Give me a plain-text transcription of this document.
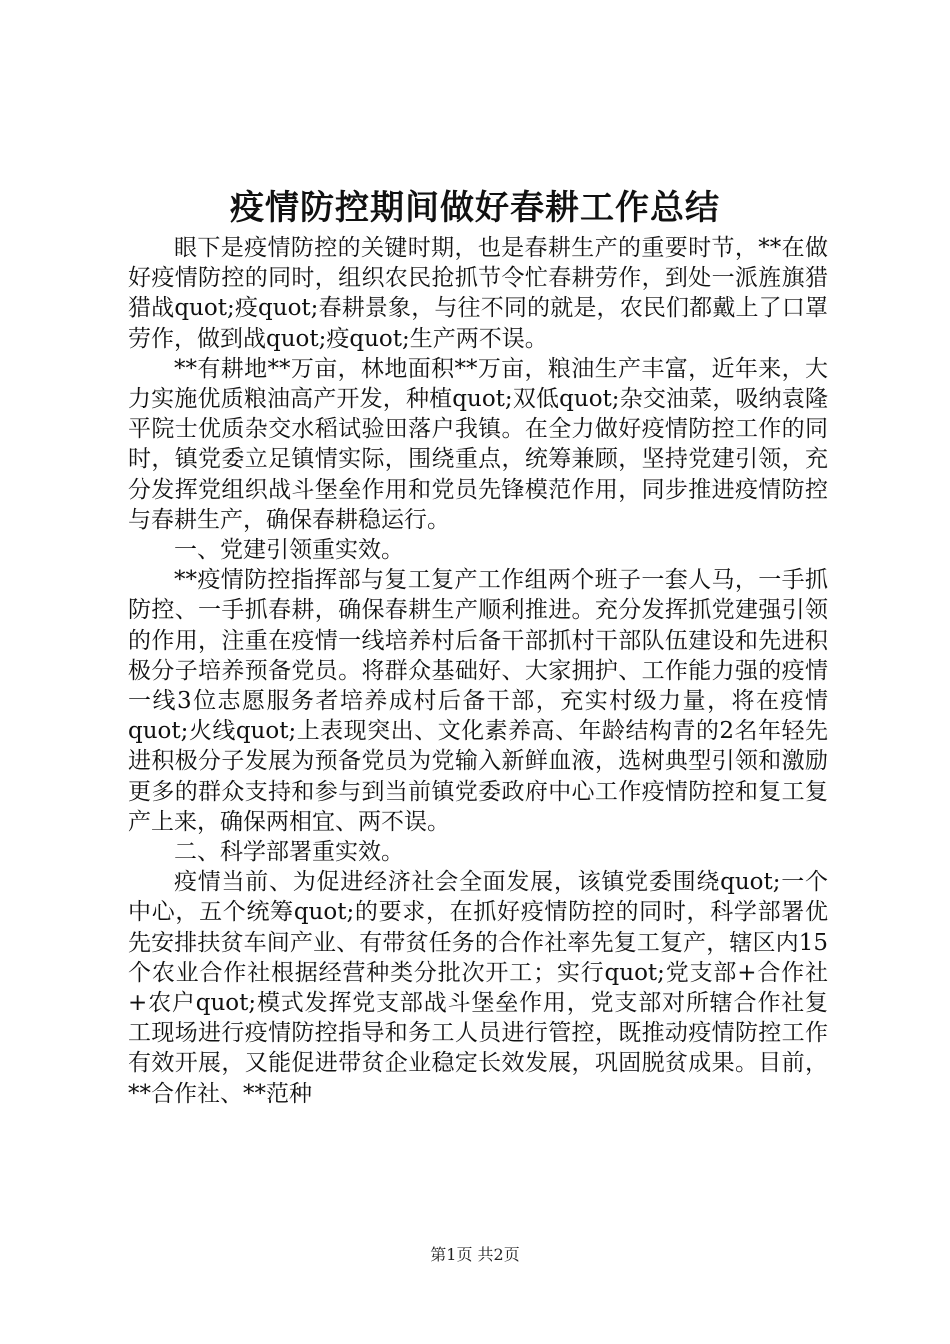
疫情防控期间做好春耕工作总结

眼下是疫情防控的关键时期，也是春耕生产的重要时节，**在做好疫情防控的同时，组织农民抢抓节令忙春耕劳作，到处一派旌旗猎猎战quot;疫quot;春耕景象，与往不同的就是，农民们都戴上了口罩劳作，做到战quot;疫quot;生产两不误。

**有耕地**万亩，林地面积**万亩，粮油生产丰富，近年来，大力实施优质粮油高产开发，种植quot;双低quot;杂交油菜，吸纳袁隆平院士优质杂交水稻试验田落户我镇。在全力做好疫情防控工作的同时，镇党委立足镇情实际，围绕重点，统筹兼顾，坚持党建引领，充分发挥党组织战斗堡垒作用和党员先锋模范作用，同步推进疫情防控与春耕生产，确保春耕稳运行。

一、党建引领重实效。

**疫情防控指挥部与复工复产工作组两个班子一套人马，一手抓防控、一手抓春耕，确保春耕生产顺利推进。充分发挥抓党建强引领的作用，注重在疫情一线培养村后备干部抓村干部队伍建设和先进积极分子培养预备党员。将群众基础好、大家拥护、工作能力强的疫情一线3位志愿服务者培养成村后备干部，充实村级力量，将在疫情quot;火线quot;上表现突出、文化素养高、年龄结构青的2名年轻先进积极分子发展为预备党员为党输入新鲜血液，选树典型引领和激励更多的群众支持和参与到当前镇党委政府中心工作疫情防控和复工复产上来，确保两相宜、两不误。

二、科学部署重实效。

疫情当前、为促进经济社会全面发展，该镇党委围绕quot;一个中心，五个统筹quot;的要求，在抓好疫情防控的同时，科学部署优先安排扶贫车间产业、有带贫任务的合作社率先复工复产，辖区内15个农业合作社根据经营种类分批次开工；实行quot;党支部+合作社+农户quot;模式发挥党支部战斗堡垒作用，党支部对所辖合作社复工现场进行疫情防控指导和务工人员进行管控，既推动疫情防控工作有效开展，又能促进带贫企业稳定长效发展，巩固脱贫成果。目前，**合作社、**范种

第1页 共2页
